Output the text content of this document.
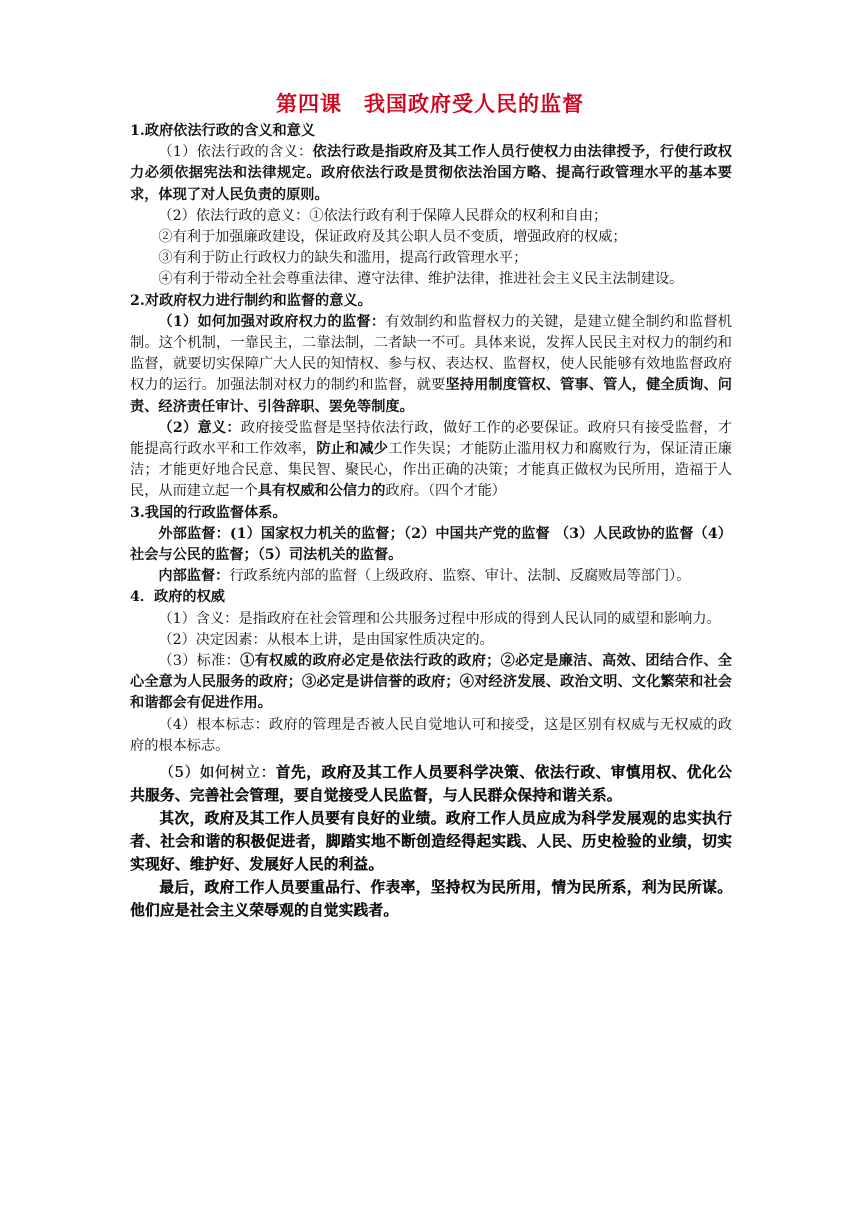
第四课 我国政府受人民的监督

1.政府依法行政的含义和意义

（1）依法行政的含义：依法行政是指政府及其工作人员行使权力由法律授予，行使行政权力必须依据宪法和法律规定。政府依法行政是贯彻依法治国方略、提高行政管理水平的基本要求，体现了对人民负责的原则。

（2）依法行政的意义：①依法行政有利于保障人民群众的权利和自由；

②有利于加强廉政建设，保证政府及其公职人员不变质，增强政府的权威；

③有利于防止行政权力的缺失和滥用，提高行政管理水平；

④有利于带动全社会尊重法律、遵守法律、维护法律，推进社会主义民主法制建设。

2.对政府权力进行制约和监督的意义。

（1）如何加强对政府权力的监督：有效制约和监督权力的关键，是建立健全制约和监督机制。这个机制，一靠民主，二靠法制，二者缺一不可。具体来说，发挥人民民主对权力的制约和监督，就要切实保障广大人民的知情权、参与权、表达权、监督权，使人民能够有效地监督政府权力的运行。加强法制对权力的制约和监督，就要坚持用制度管权、管事、管人，健全质询、问责、经济责任审计、引咎辞职、罢免等制度。

（2）意义：政府接受监督是坚持依法行政，做好工作的必要保证。政府只有接受监督，才能提高行政水平和工作效率，防止和减少工作失误；才能防止滥用权力和腐败行为，保证清正廉洁；才能更好地合民意、集民智、聚民心，作出正确的决策；才能真正做权为民所用，造福于人民，从而建立起一个具有权威和公信力的政府。（四个才能）

3.我国的行政监督体系。

外部监督：(1）国家权力机关的监督；（2）中国共产党的监督 （3）人民政协的监督（4）社会与公民的监督；（5）司法机关的监督。

内部监督：行政系统内部的监督（上级政府、监察、审计、法制、反腐败局等部门）。

4．政府的权威

（1）含义：是指政府在社会管理和公共服务过程中形成的得到人民认同的威望和影响力。

（2）决定因素：从根本上讲，是由国家性质决定的。

（3）标准：①有权威的政府必定是依法行政的政府；②必定是廉洁、高效、团结合作、全心全意为人民服务的政府；③必定是讲信誉的政府；④对经济发展、政治文明、文化繁荣和社会和谐都会有促进作用。

（4）根本标志：政府的管理是否被人民自觉地认可和接受，这是区别有权威与无权威的政府的根本标志。

（5）如何树立：首先，政府及其工作人员要科学决策、依法行政、审慎用权、优化公共服务、完善社会管理，要自觉接受人民监督，与人民群众保持和谐关系。

其次，政府及其工作人员要有良好的业绩。政府工作人员应成为科学发展观的忠实执行者、社会和谐的积极促进者，脚踏实地不断创造经得起实践、人民、历史检验的业绩，切实实现好、维护好、发展好人民的利益。

最后，政府工作人员要重品行、作表率，坚持权为民所用，情为民所系，利为民所谋。他们应是社会主义荣辱观的自觉实践者。
